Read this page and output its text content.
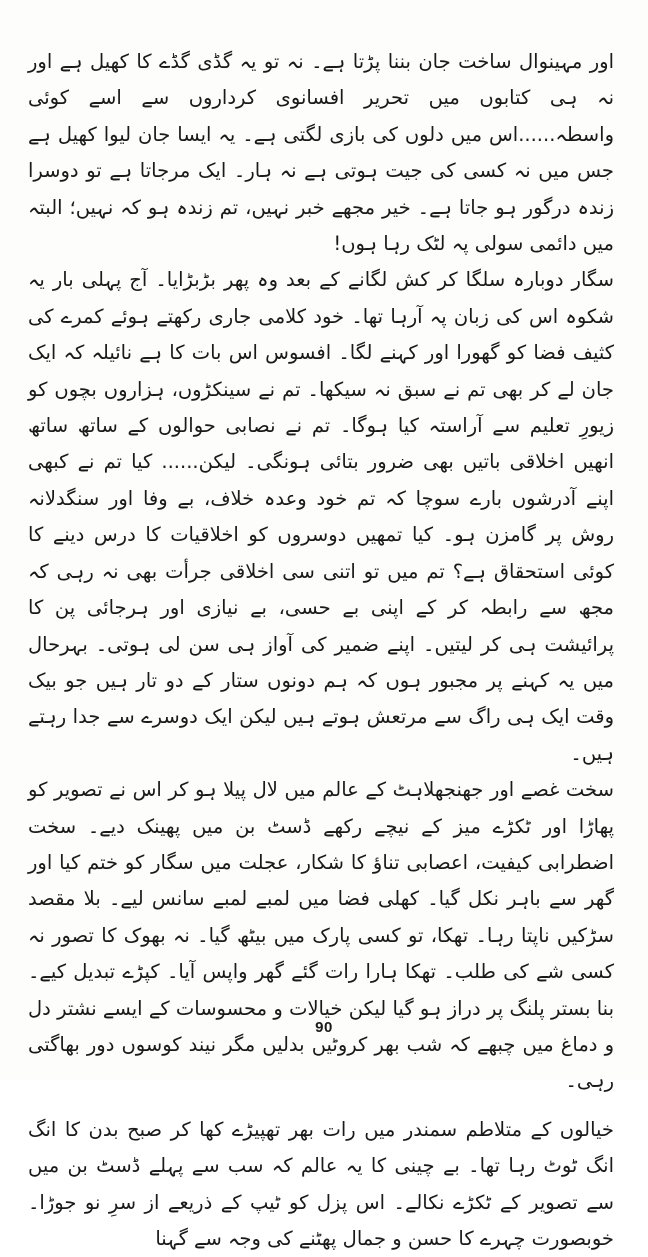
اور مہینوال ساخت جان بننا پڑتا ہے۔ نہ تو یہ گڈی گڈے کا کھیل ہے اور نہ ہی کتابوں میں تحریر افسانوی کرداروں سے اسے کوئی واسطہ......اس میں دلوں کی بازی لگتی ہے۔ یہ ایسا جان لیوا کھیل ہے جس میں نہ کسی کی جیت ہوتی ہے نہ ہار۔ ایک مرجاتا ہے تو دوسرا زندہ درگور ہو جاتا ہے۔ خیر مجھے خبر نہیں، تم زندہ ہو کہ نہیں؛ البتہ میں دائمی سولی پہ لٹک رہا ہوں!

سگار دوبارہ سلگا کر کش لگانے کے بعد وہ پھر بڑبڑایا۔ آج پہلی بار یہ شکوہ اس کی زبان پہ آرہا تھا۔ خود کلامی جاری رکھتے ہوئے کمرے کی کثیف فضا کو گھورا اور کہنے لگا۔ افسوس اس بات کا ہے نائیلہ کہ ایک جان لے کر بھی تم نے سبق نہ سیکھا۔ تم نے سینکڑوں، ہزاروں بچوں کو زیورِ تعلیم سے آراستہ کیا ہوگا۔ تم نے نصابی حوالوں کے ساتھ ساتھ انھیں اخلاقی باتیں بھی ضرور بتائی ہونگی۔ لیکن...... کیا تم نے کبھی اپنے آدرشوں بارے سوچا کہ تم خود وعدہ خلاف، بے وفا اور سنگدلانہ روش پر گامزن ہو۔ کیا تمھیں دوسروں کو اخلاقیات کا درس دینے کا کوئی استحقاق ہے؟ تم میں تو اتنی سی اخلاقی جرأت بھی نہ رہی کہ مجھ سے رابطہ کر کے اپنی بے حسی، بے نیازی اور ہرجائی پن کا پرائیشت ہی کر لیتیں۔ اپنے ضمیر کی آواز ہی سن لی ہوتی۔ بہرحال میں یہ کہنے پر مجبور ہوں کہ ہم دونوں ستار کے دو تار ہیں جو بیک وقت ایک ہی راگ سے مرتعش ہوتے ہیں لیکن ایک دوسرے سے جدا رہتے ہیں۔

سخت غصے اور جھنجھلاہٹ کے عالم میں لال پیلا ہو کر اس نے تصویر کو پھاڑا اور ٹکڑے میز کے نیچے رکھے ڈسٹ بن میں پھینک دیے۔ سخت اضطرابی کیفیت، اعصابی تناؤ کا شکار، عجلت میں سگار کو ختم کیا اور گھر سے باہر نکل گیا۔ کھلی فضا میں لمبے لمبے سانس لیے۔ بلا مقصد سڑکیں ناپتا رہا۔ تھکا، تو کسی پارک میں بیٹھ گیا۔ نہ بھوک کا تصور نہ کسی شے کی طلب۔ تھکا ہارا رات گئے گھر واپس آیا۔ کپڑے تبدیل کیے۔ بنا بستر پلنگ پر دراز ہو گیا لیکن خیالات و محسوسات کے ایسے نشتر دل و دماغ میں چبھے کہ شب بھر کروٹیں بدلیں مگر نیند کوسوں دور بھاگتی رہی۔

خیالوں کے متلاطم سمندر میں رات بھر تھپیڑے کھا کر صبح بدن کا انگ انگ ٹوٹ رہا تھا۔ بے چینی کا یہ عالم کہ سب سے پہلے ڈسٹ بن میں سے تصویر کے ٹکڑے نکالے۔ اس پزل کو ٹیپ کے ذریعے از سرِ نو جوڑا۔ خوبصورت چہرے کا حسن و جمال پھٹنے کی وجہ سے گہنا

90
